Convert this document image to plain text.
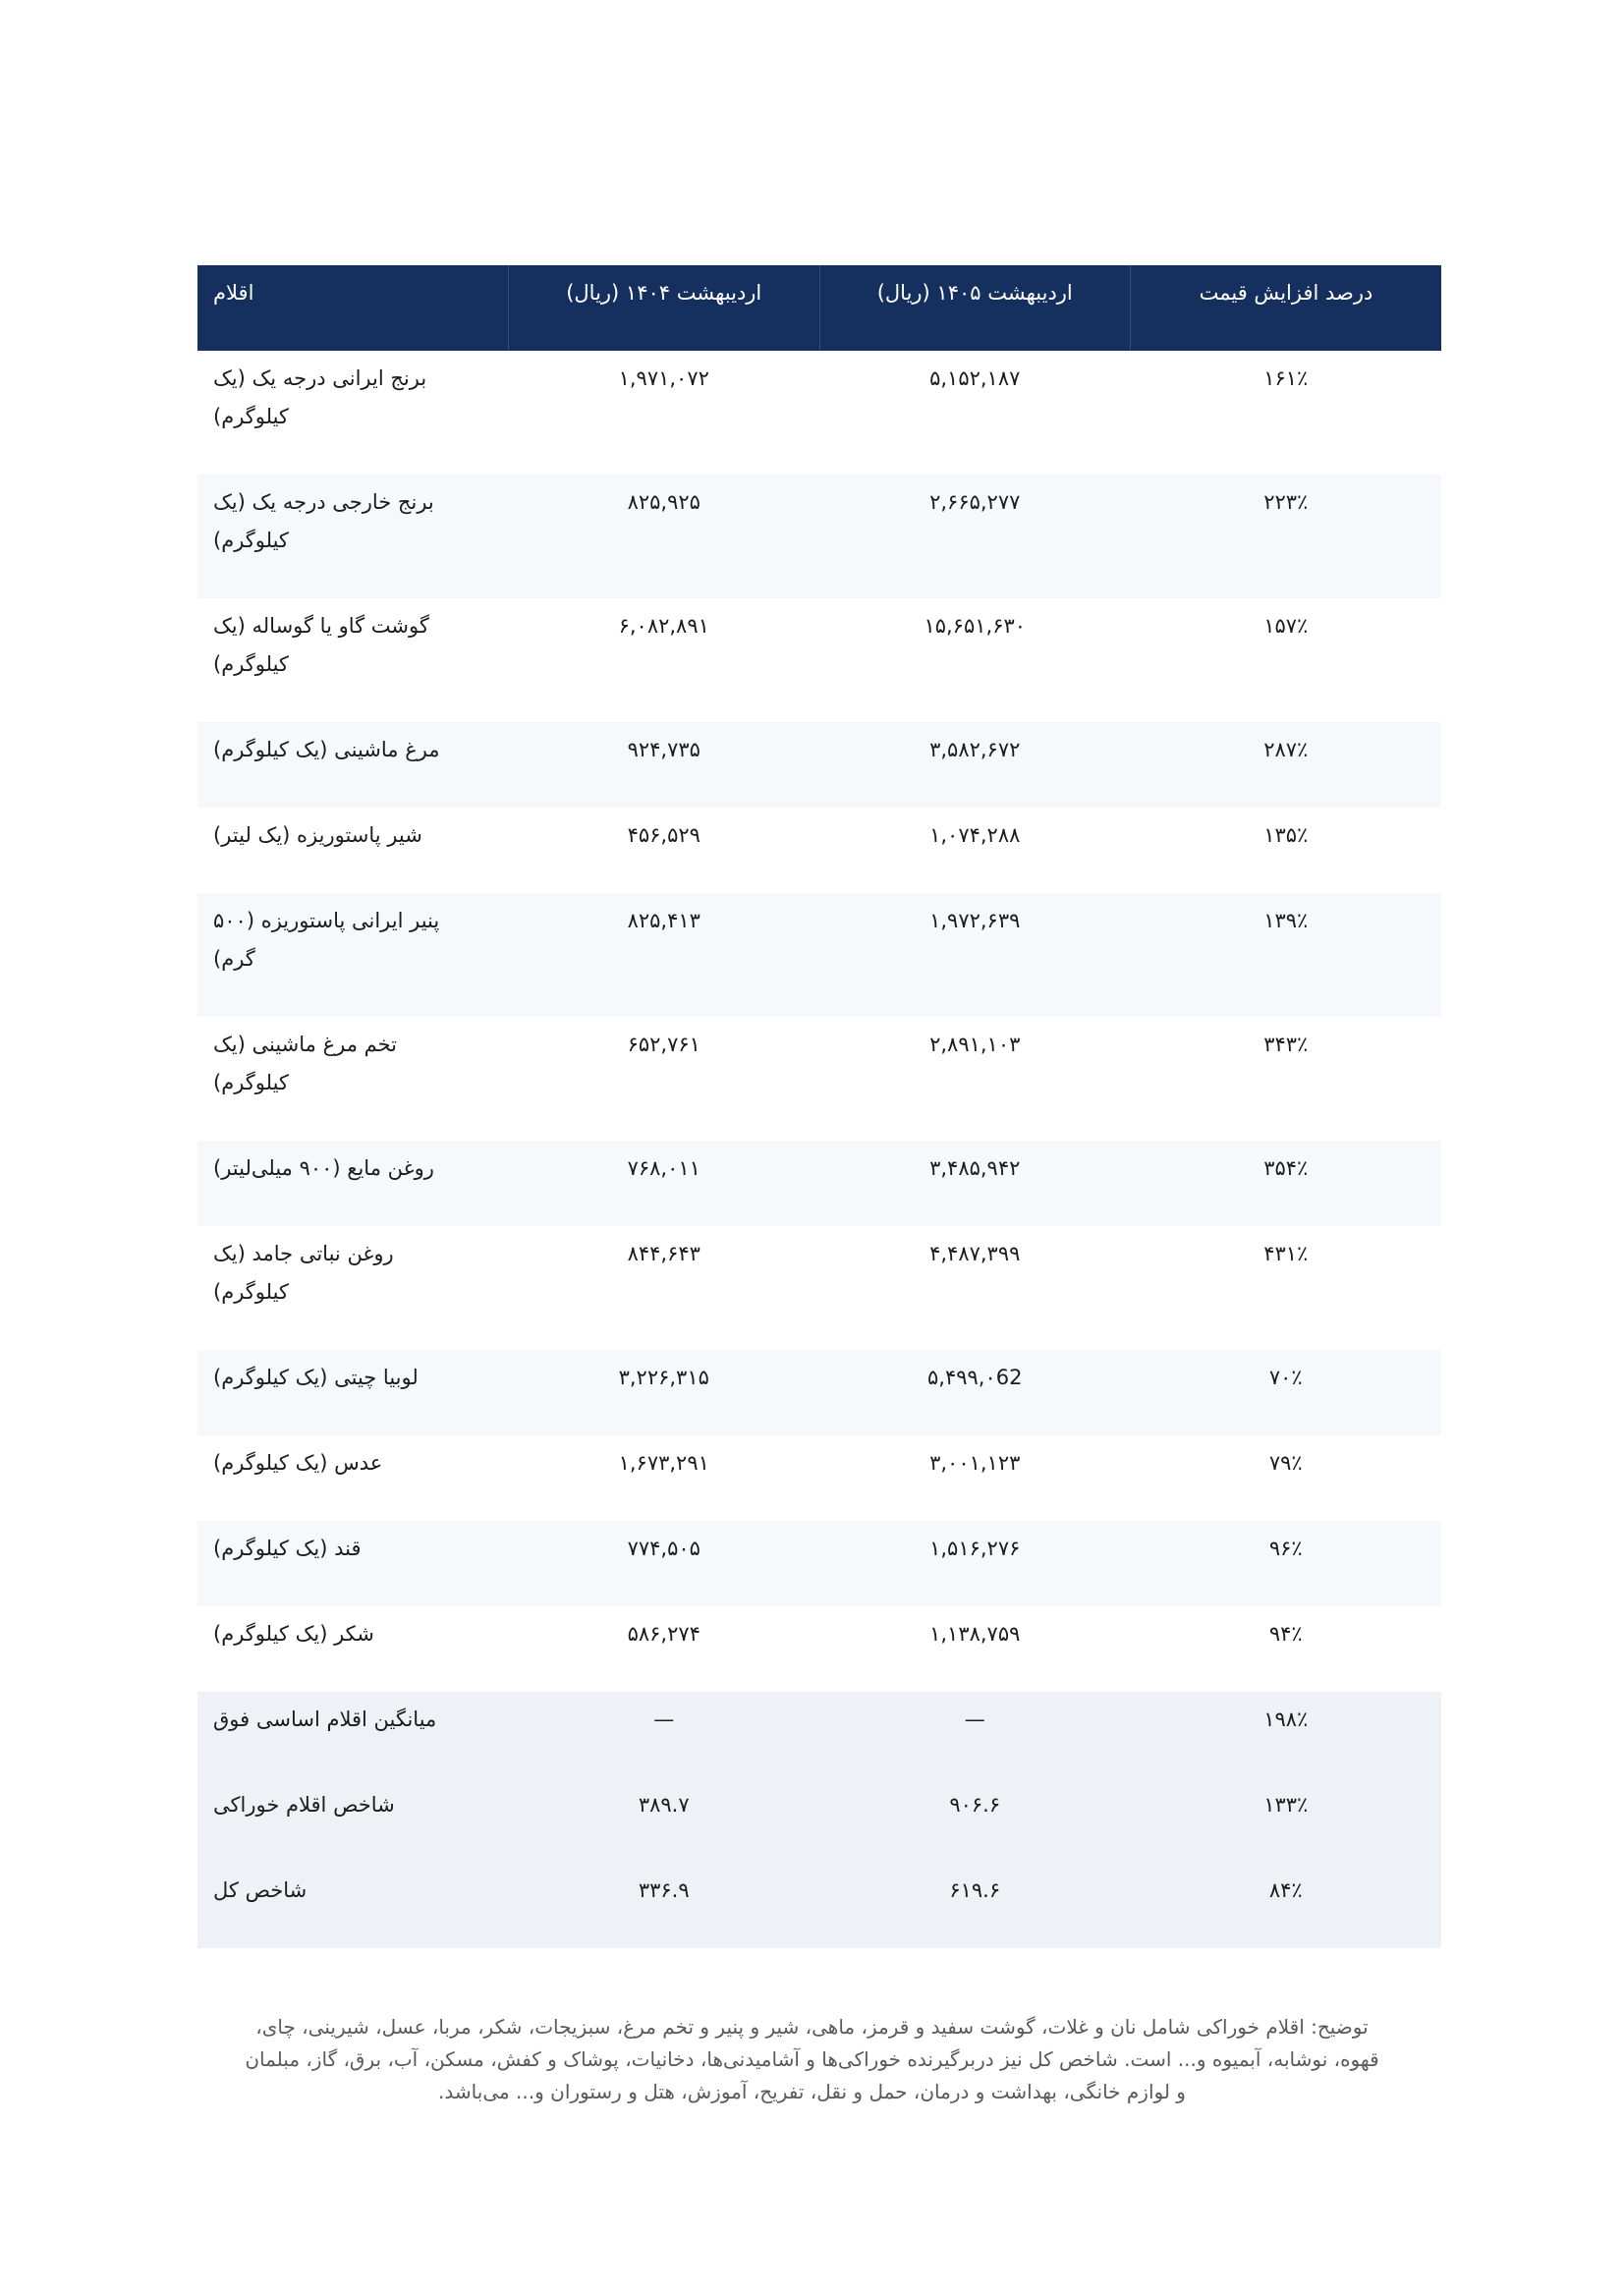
اقلام	اردیبهشت ۱۴۰۴ (ریال)	اردیبهشت ۱۴۰۵ (ریال)	درصد افزایش قیمت
برنج ایرانی درجه یک (یک
کیلوگرم)	۱,۹۷۱,۰۷۲	۵,۱۵۲,۱۸۷	۱۶۱٪
برنج خارجی درجه یک (یک
کیلوگرم)	۸۲۵,۹۲۵	۲,۶۶۵,۲۷۷	۲۲۳٪
گوشت گاو یا گوساله (یک
کیلوگرم)	۶,۰۸۲,۸۹۱	۱۵,۶۵۱,۶۳۰	۱۵۷٪
مرغ ماشینی (یک کیلوگرم)	۹۲۴,۷۳۵	۳,۵۸۲,۶۷۲	۲۸۷٪
شیر پاستوریزه (یک لیتر)	۴۵۶,۵۲۹	۱,۰۷۴,۲۸۸	۱۳۵٪
پنیر ایرانی پاستوریزه (۵۰۰
گرم)	۸۲۵,۴۱۳	۱,۹۷۲,۶۳۹	۱۳۹٪
تخم مرغ ماشینی (یک
کیلوگرم)	۶۵۲,۷۶۱	۲,۸۹۱,۱۰۳	۳۴۳٪
روغن مایع (۹۰۰ میلی‌لیتر)	۷۶۸,۰۱۱	۳,۴۸۵,۹۴۲	۳۵۴٪
روغن نباتی جامد (یک
کیلوگرم)	۸۴۴,۶۴۳	۴,۴۸۷,۳۹۹	۴۳۱٪
لوبیا چیتی (یک کیلوگرم)	۳,۲۲۶,۳۱۵	۵,۴۹۹,۰62	۷۰٪
عدس (یک کیلوگرم)	۱,۶۷۳,۲۹۱	۳,۰۰۱,۱۲۳	۷۹٪
قند (یک کیلوگرم)	۷۷۴,۵۰۵	۱,۵۱۶,۲۷۶	۹۶٪
شکر (یک کیلوگرم)	۵۸۶,۲۷۴	۱,۱۳۸,۷۵۹	۹۴٪
میانگین اقلام اساسی فوق	—	—	۱۹۸٪
شاخص اقلام خوراکی	۳۸۹.۷	۹۰۶.۶	۱۳۳٪
شاخص کل	۳۳۶.۹	۶۱۹.۶	۸۴٪
توضیح: اقلام خوراکی شامل نان و غلات، گوشت سفید و قرمز، ماهی، شیر و پنیر و تخم مرغ، سبزیجات، شکر، مربا، عسل، شیرینی، چای،
قهوه، نوشابه، آبمیوه و... است. شاخص کل نیز دربرگیرنده خوراکی‌ها و آشامیدنی‌ها، دخانیات، پوشاک و کفش، مسکن، آب، برق، گاز، مبلمان
و لوازم خانگی، بهداشت و درمان، حمل و نقل، تفریح، آموزش، هتل و رستوران و... می‌باشد.
